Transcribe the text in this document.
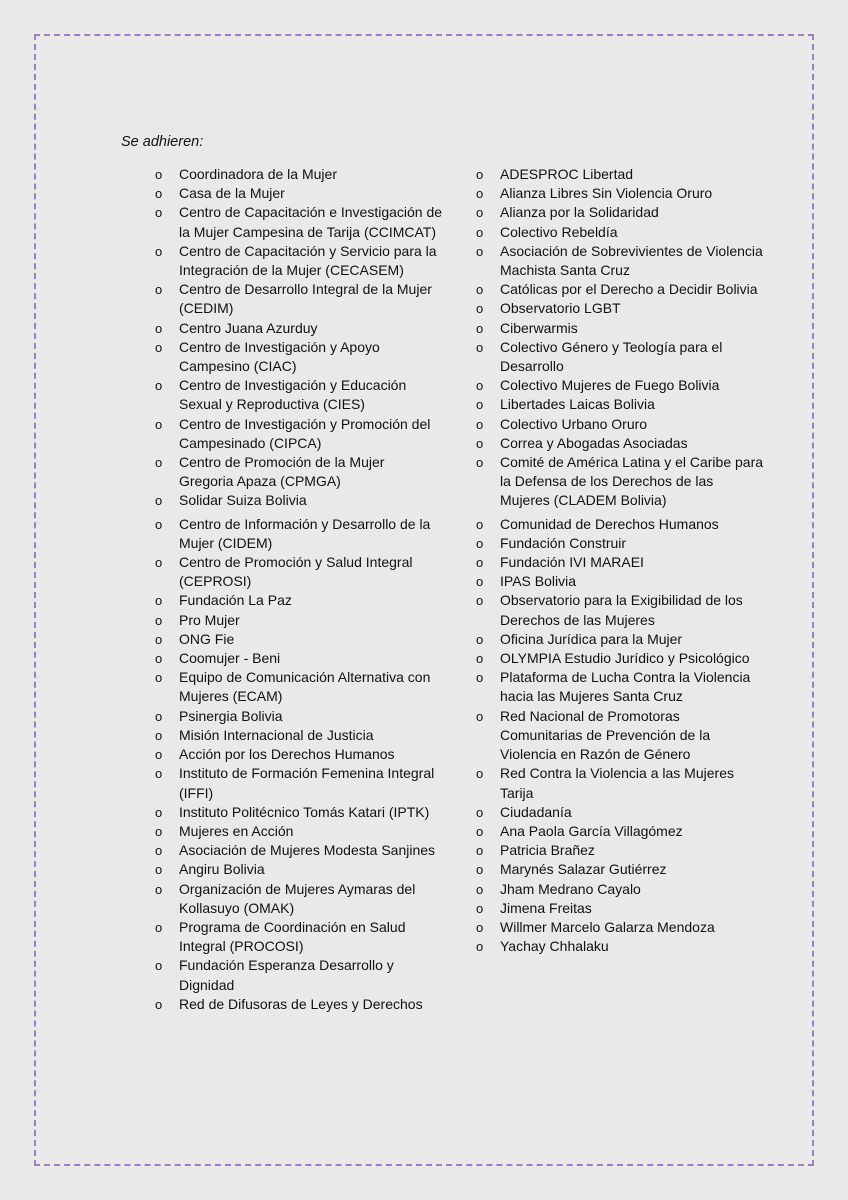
Se adhieren:

o	Coordinadora de la Mujer
o	Casa de la Mujer
o	Centro de Capacitación e Investigación de
la Mujer Campesina de Tarija (CCIMCAT)
o	Centro de Capacitación y Servicio para la
Integración de la Mujer (CECASEM)
o	Centro de Desarrollo Integral de la Mujer
(CEDIM)
o	Centro Juana Azurduy
o	Centro de Investigación y Apoyo
Campesino (CIAC)
o	Centro de Investigación y Educación
Sexual y Reproductiva (CIES)
o	Centro de Investigación y Promoción del
Campesinado (CIPCA)
o	Centro de Promoción de la Mujer
Gregoria Apaza (CPMGA)
o	Solidar Suiza Bolivia
o	Centro de Información y Desarrollo de la
Mujer (CIDEM)
o	Centro de Promoción y Salud Integral
(CEPROSI)
o	Fundación La Paz
o	Pro Mujer
o	ONG Fie
o	Coomujer - Beni
o	Equipo de Comunicación Alternativa con
Mujeres (ECAM)
o	Psinergia Bolivia
o	Misión Internacional de Justicia
o	Acción por los Derechos Humanos
o	Instituto de Formación Femenina Integral
(IFFI)
o	Instituto Politécnico Tomás Katari (IPTK)
o	Mujeres en Acción
o	Asociación de Mujeres Modesta Sanjines
o	Angiru Bolivia
o	Organización de Mujeres Aymaras del
Kollasuyo (OMAK)
o	Programa de Coordinación en Salud
Integral (PROCOSI)
o	Fundación Esperanza Desarrollo y
Dignidad
o	Red de Difusoras de Leyes y Derechos
o	ADESPROC Libertad
o	Alianza Libres Sin Violencia Oruro
o	Alianza por la Solidaridad
o	Colectivo Rebeldía
o	Asociación de Sobrevivientes de Violencia
Machista Santa Cruz
o	Católicas por el Derecho a Decidir Bolivia
o	Observatorio LGBT
o	Ciberwarmis
o	Colectivo Género y Teología para el
Desarrollo
o	Colectivo Mujeres de Fuego Bolivia
o	Libertades Laicas Bolivia
o	Colectivo Urbano Oruro
o	Correa y Abogadas Asociadas
o	Comité de América Latina y el Caribe para
la Defensa de los Derechos de las
Mujeres (CLADEM Bolivia)
o	Comunidad de Derechos Humanos
o	Fundación Construir
o	Fundación IVI MARAEI
o	IPAS Bolivia
o	Observatorio para la Exigibilidad de los
Derechos de las Mujeres
o	Oficina Jurídica para la Mujer
o	OLYMPIA Estudio Jurídico y Psicológico
o	Plataforma de Lucha Contra la Violencia
hacia las Mujeres Santa Cruz
o	Red Nacional de Promotoras
Comunitarias de Prevención de la
Violencia en Razón de Género
o	Red Contra la Violencia a las Mujeres
Tarija
o	Ciudadanía
o	Ana Paola García Villagómez
o	Patricia Brañez
o	Marynés Salazar Gutiérrez
o	Jham Medrano Cayalo
o	Jimena Freitas
o	Willmer Marcelo Galarza Mendoza
o	Yachay Chhalaku
